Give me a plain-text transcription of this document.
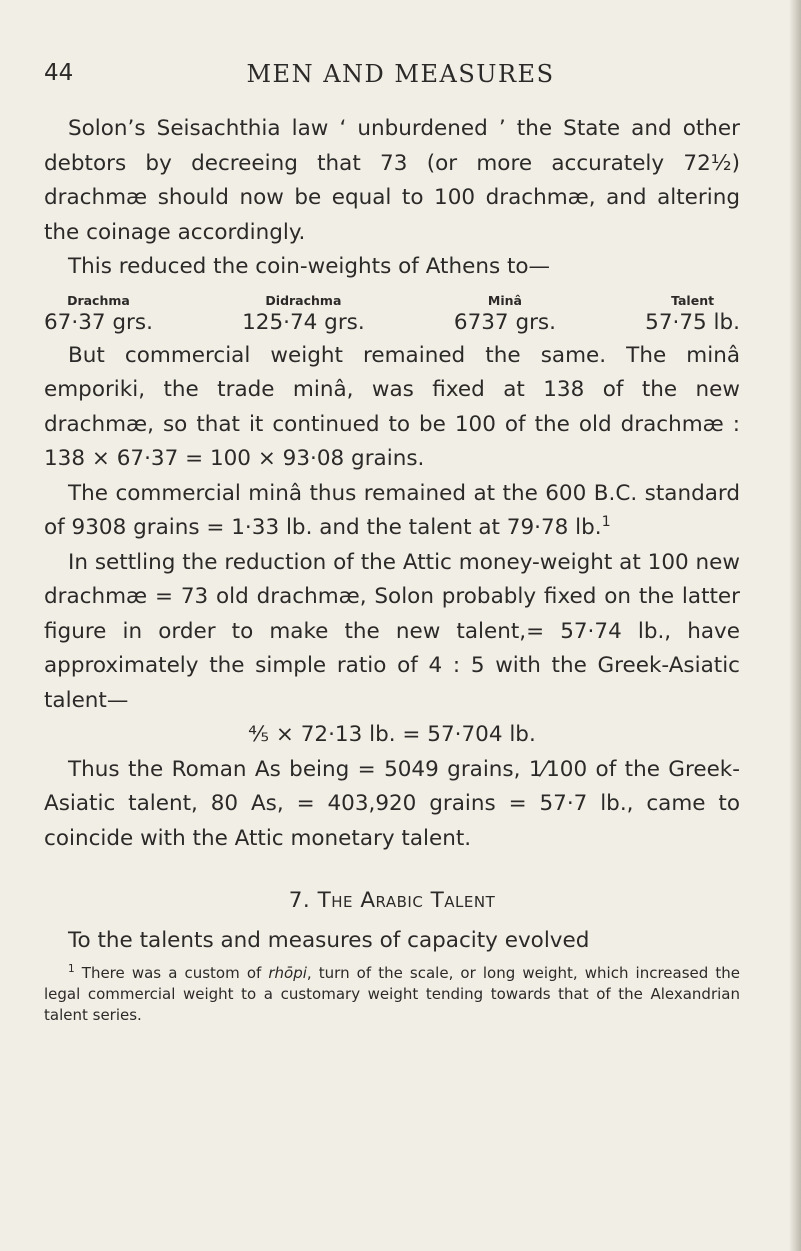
44	MEN AND MEASURES

Solon’s Seisachthia law ‘ unburdened ’ the State and other debtors by decreeing that 73 (or more accurately 72½) drachmæ should now be equal to 100 drachmæ, and altering the coinage accordingly.

This reduced the coin-weights of Athens to—

Drachma
67·37 grs.
Didrachma
125·74 grs.
Minâ
6737 grs.
Talent
57·75 lb.

But commercial weight remained the same. The minâ emporiki, the trade minâ, was fixed at 138 of the new drachmæ, so that it continued to be 100 of the old drachmæ : 138 × 67·37 = 100 × 93·08 grains.

The commercial minâ thus remained at the 600 B.C. standard of 9308 grains = 1·33 lb. and the talent at 79·78 lb.$^1$

In settling the reduction of the Attic money-weight at 100 new drachmæ = 73 old drachmæ, Solon probably fixed on the latter figure in order to make the new talent,= 57·74 lb., have approximately the simple ratio of 4 : 5 with the Greek-Asiatic talent—

⅘ × 72·13 lb. = 57·704 lb.

Thus the Roman As being = 5049 grains, 1⁄100 of the Greek-Asiatic talent, 80 As, = 403,920 grains = 57·7 lb., came to coincide with the Attic monetary talent.

7. The Arabic Talent

To the talents and measures of capacity evolved

$^1$ There was a custom of rhōpi, turn of the scale, or long weight, which increased the legal commercial weight to a customary weight tending towards that of the Alexandrian talent series.
